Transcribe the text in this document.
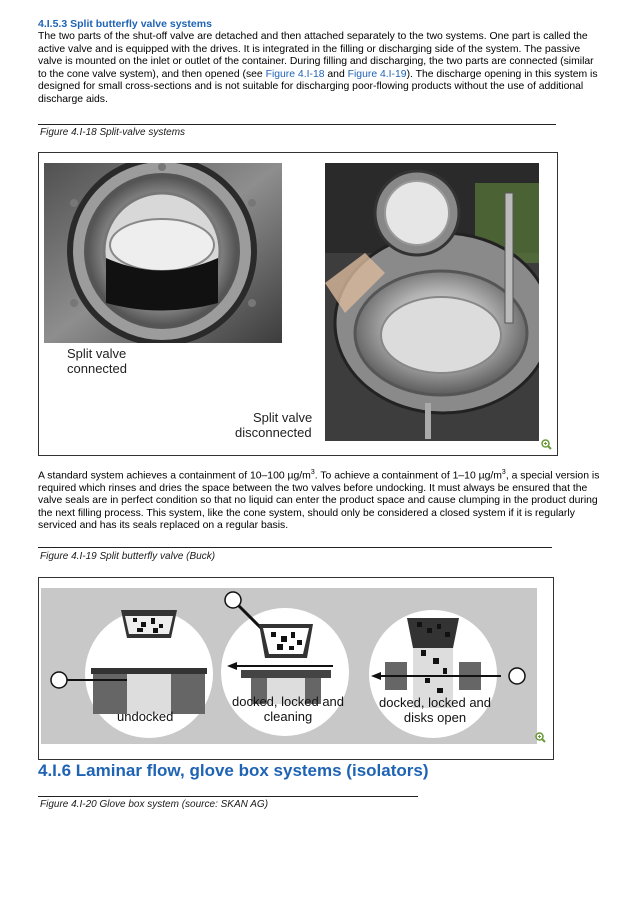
4.I.5.3 Split butterfly valve systems

The two parts of the shut-off valve are detached and then attached separately to the two systems. One part is called the active valve and is equipped with the drives. It is integrated in the filling or discharging side of the system. The passive valve is mounted on the inlet or outlet of the container. During filling and discharging, the two parts are connected (similar to the cone valve system), and then opened (see Figure 4.I-18 and Figure 4.I-19). The discharge opening in this system is designed for small cross-sections and is not suitable for discharging poor-flowing products without the use of additional discharge aids.

Figure 4.I-18 Split-valve systems
Split valve
connected
Split valve
disconnected

A standard system achieves a containment of 10–100 $\mu g/m^3$. To achieve a containment of 1–10 $\mu g/m^3$, a special version is required which rinses and dries the space between the two valves before undocking. It must always be ensured that the valve seals are in perfect condition so that no liquid can enter the product space and cause clumping in the product during the next filling process. This system, like the cone system, should only be considered a closed system if it is regularly serviced and has its seals replaced on a regular basis.

Figure 4.I-19 Split butterfly valve (Buck)
undocked
docked, locked and
cleaning
docked, locked and
disks open
4.I.6 Laminar flow, glove box systems (isolators)
Figure 4.I-20 Glove box system (source: SKAN AG)
